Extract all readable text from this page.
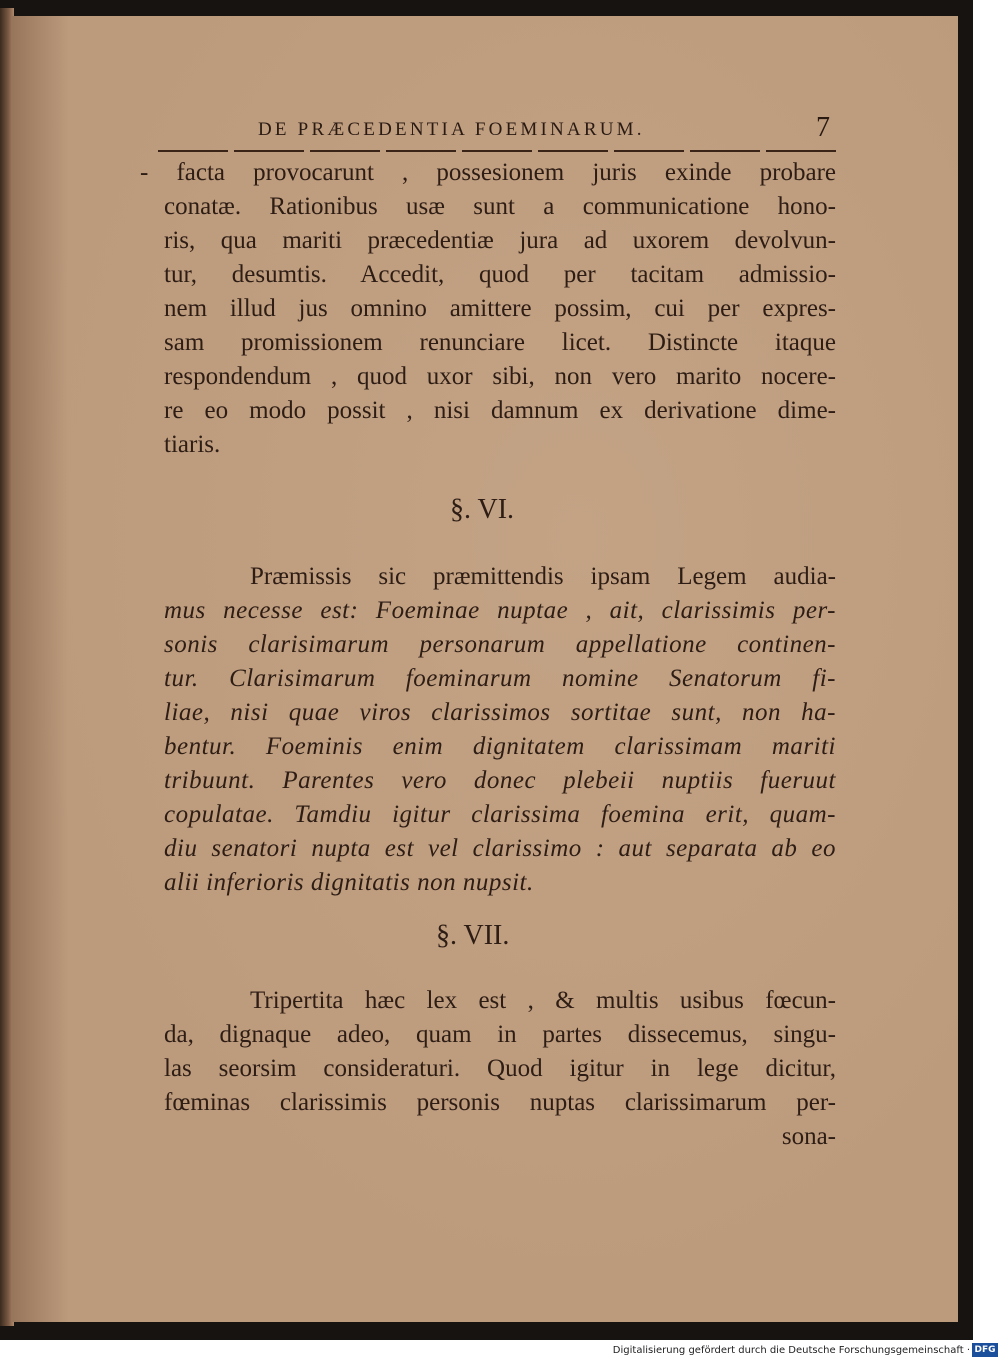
DE PRÆCEDENTIA FOEMINARUM.	7
- facta provocarunt , possesionem juris exinde probare
conatæ. Rationibus usæ sunt a communicatione hono-
ris, qua mariti præcedentiæ jura ad uxorem devolvun-
tur, desumtis. Accedit, quod per tacitam admissio-
nem illud jus omnino amittere possim, cui per expres-
sam promissionem renunciare licet. Distincte itaque
respondendum , quod uxor sibi, non vero marito nocere-
re eo modo possit , nisi damnum ex derivatione dime-
tiaris.
§. VI.
Præmissis sic præmittendis ipsam Legem audia-
mus necesse est: Foeminae nuptae , ait, clarissimis per-
sonis clarisimarum personarum appellatione continen-
tur. Clarisimarum foeminarum nomine Senatorum fi-
liae, nisi quae viros clarissimos sortitae sunt, non ha-
bentur. Foeminis enim dignitatem clarissimam mariti
tribuunt. Parentes vero donec plebeii nuptiis fueruut
copulatae. Tamdiu igitur clarissima foemina erit, quam-
diu senatori nupta est vel clarissimo : aut separata ab eo
alii inferioris dignitatis non nupsit.
§. VII.
Tripertita hæc lex est , & multis usibus fœcun-
da, dignaque adeo, quam in partes dissecemus, singu-
las seorsim consideraturi. Quod igitur in lege dicitur,
fœminas clarissimis personis nuptas clarissimarum per-
sona-
Digitalisierung gefördert durch die Deutsche Forschungsgemeinschaft · DFG
